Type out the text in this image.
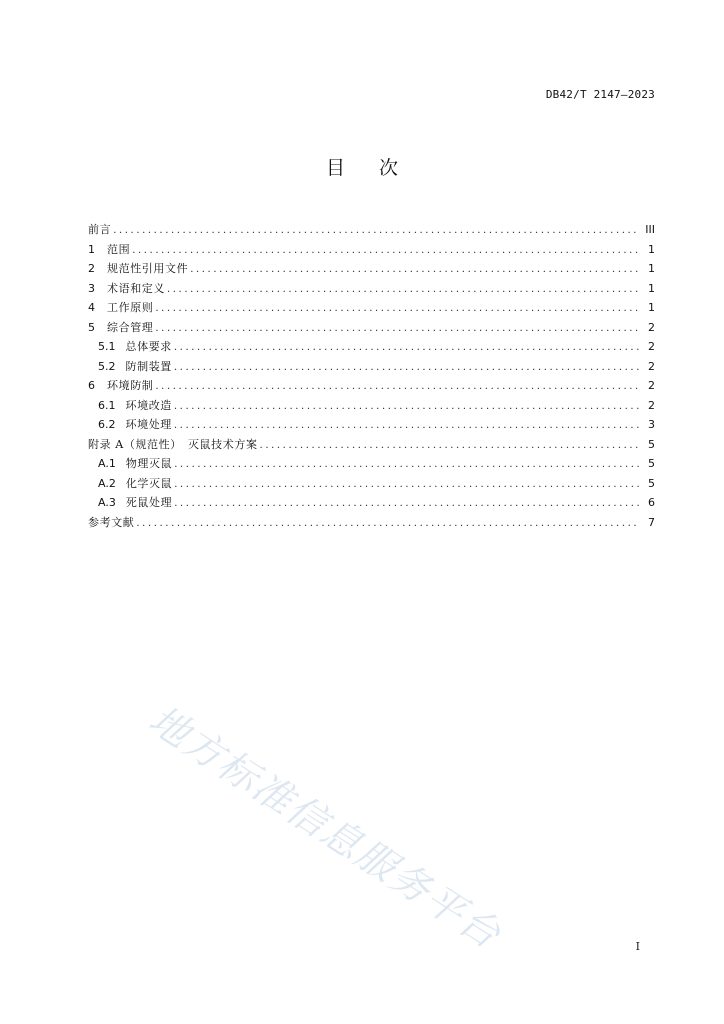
DB42/T 2147—2023
目 次
前言 .....	III
1 范围 .....	1
2 规范性引用文件 .....	1
3 术语和定义 .....	1
4 工作原则 .....	1
5 综合管理 .....	2
5.1 总体要求 .....	2
5.2 防制装置 .....	2
6 环境防制 .....	2
6.1 环境改造 .....	2
6.2 环境处理 .....	3
附录 A（规范性）　灭鼠技术方案 .....	5
A.1 物理灭鼠 .....	5
A.2 化学灭鼠 .....	5
A.3 死鼠处理 .....	6
参考文献 .....	7
地方标准信息服务平台	I
